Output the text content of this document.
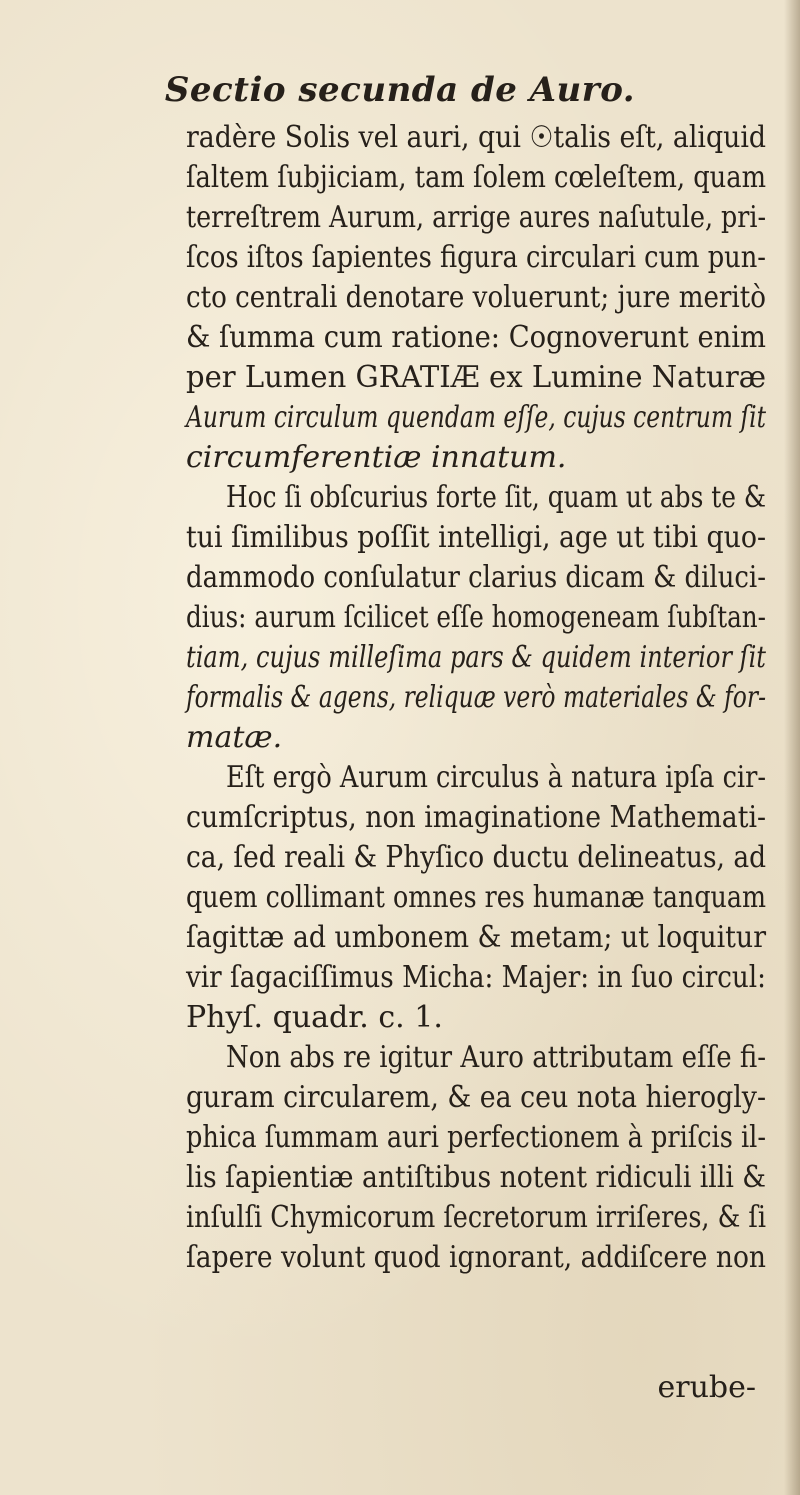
Sectio secunda de Auro.
radère Solis vel auri, qui ☉talis eſt, aliquid
ſaltem ſubjiciam, tam ſolem cœleſtem, quam
terreſtrem Aurum, arrige aures naſutule, pri-
ſcos iſtos ſapientes figura circulari cum pun-
cto centrali denotare voluerunt; jure meritò
& ſumma cum ratione: Cognoverunt enim
per Lumen GRATIÆ ex Lumine Naturæ
Aurum circulum quendam eſſe, cujus centrum ſit
circumferentiæ innatum.
Hoc ſi obſcurius forte ſit, quam ut abs te &
tui ſimilibus poſſit intelligi, age ut tibi quo-
dammodo conſulatur clarius dicam & diluci-
dius: aurum ſcilicet eſſe homogeneam ſubſtan-
tiam, cujus milleſima pars & quidem interior ſit
formalis & agens, reliquæ verò materiales & for-
matæ.
Eſt ergò Aurum circulus à natura ipſa cir-
cumſcriptus, non imaginatione Mathemati-
ca, ſed reali & Phyſico ductu delineatus, ad
quem collimant omnes res humanæ tanquam
ſagittæ ad umbonem & metam; ut loquitur
vir ſagaciſſimus Micha: Majer: in ſuo circul:
Phyſ. quadr. c. 1.
Non abs re igitur Auro attributam eſſe fi-
guram circularem, & ea ceu nota hierogly-
phica ſummam auri perfectionem à priſcis il-
lis ſapientiæ antiſtibus notent ridiculi illi &
inſulſi Chymicorum ſecretorum irriſeres, & ſi
ſapere volunt quod ignorant, addiſcere non
erube-
